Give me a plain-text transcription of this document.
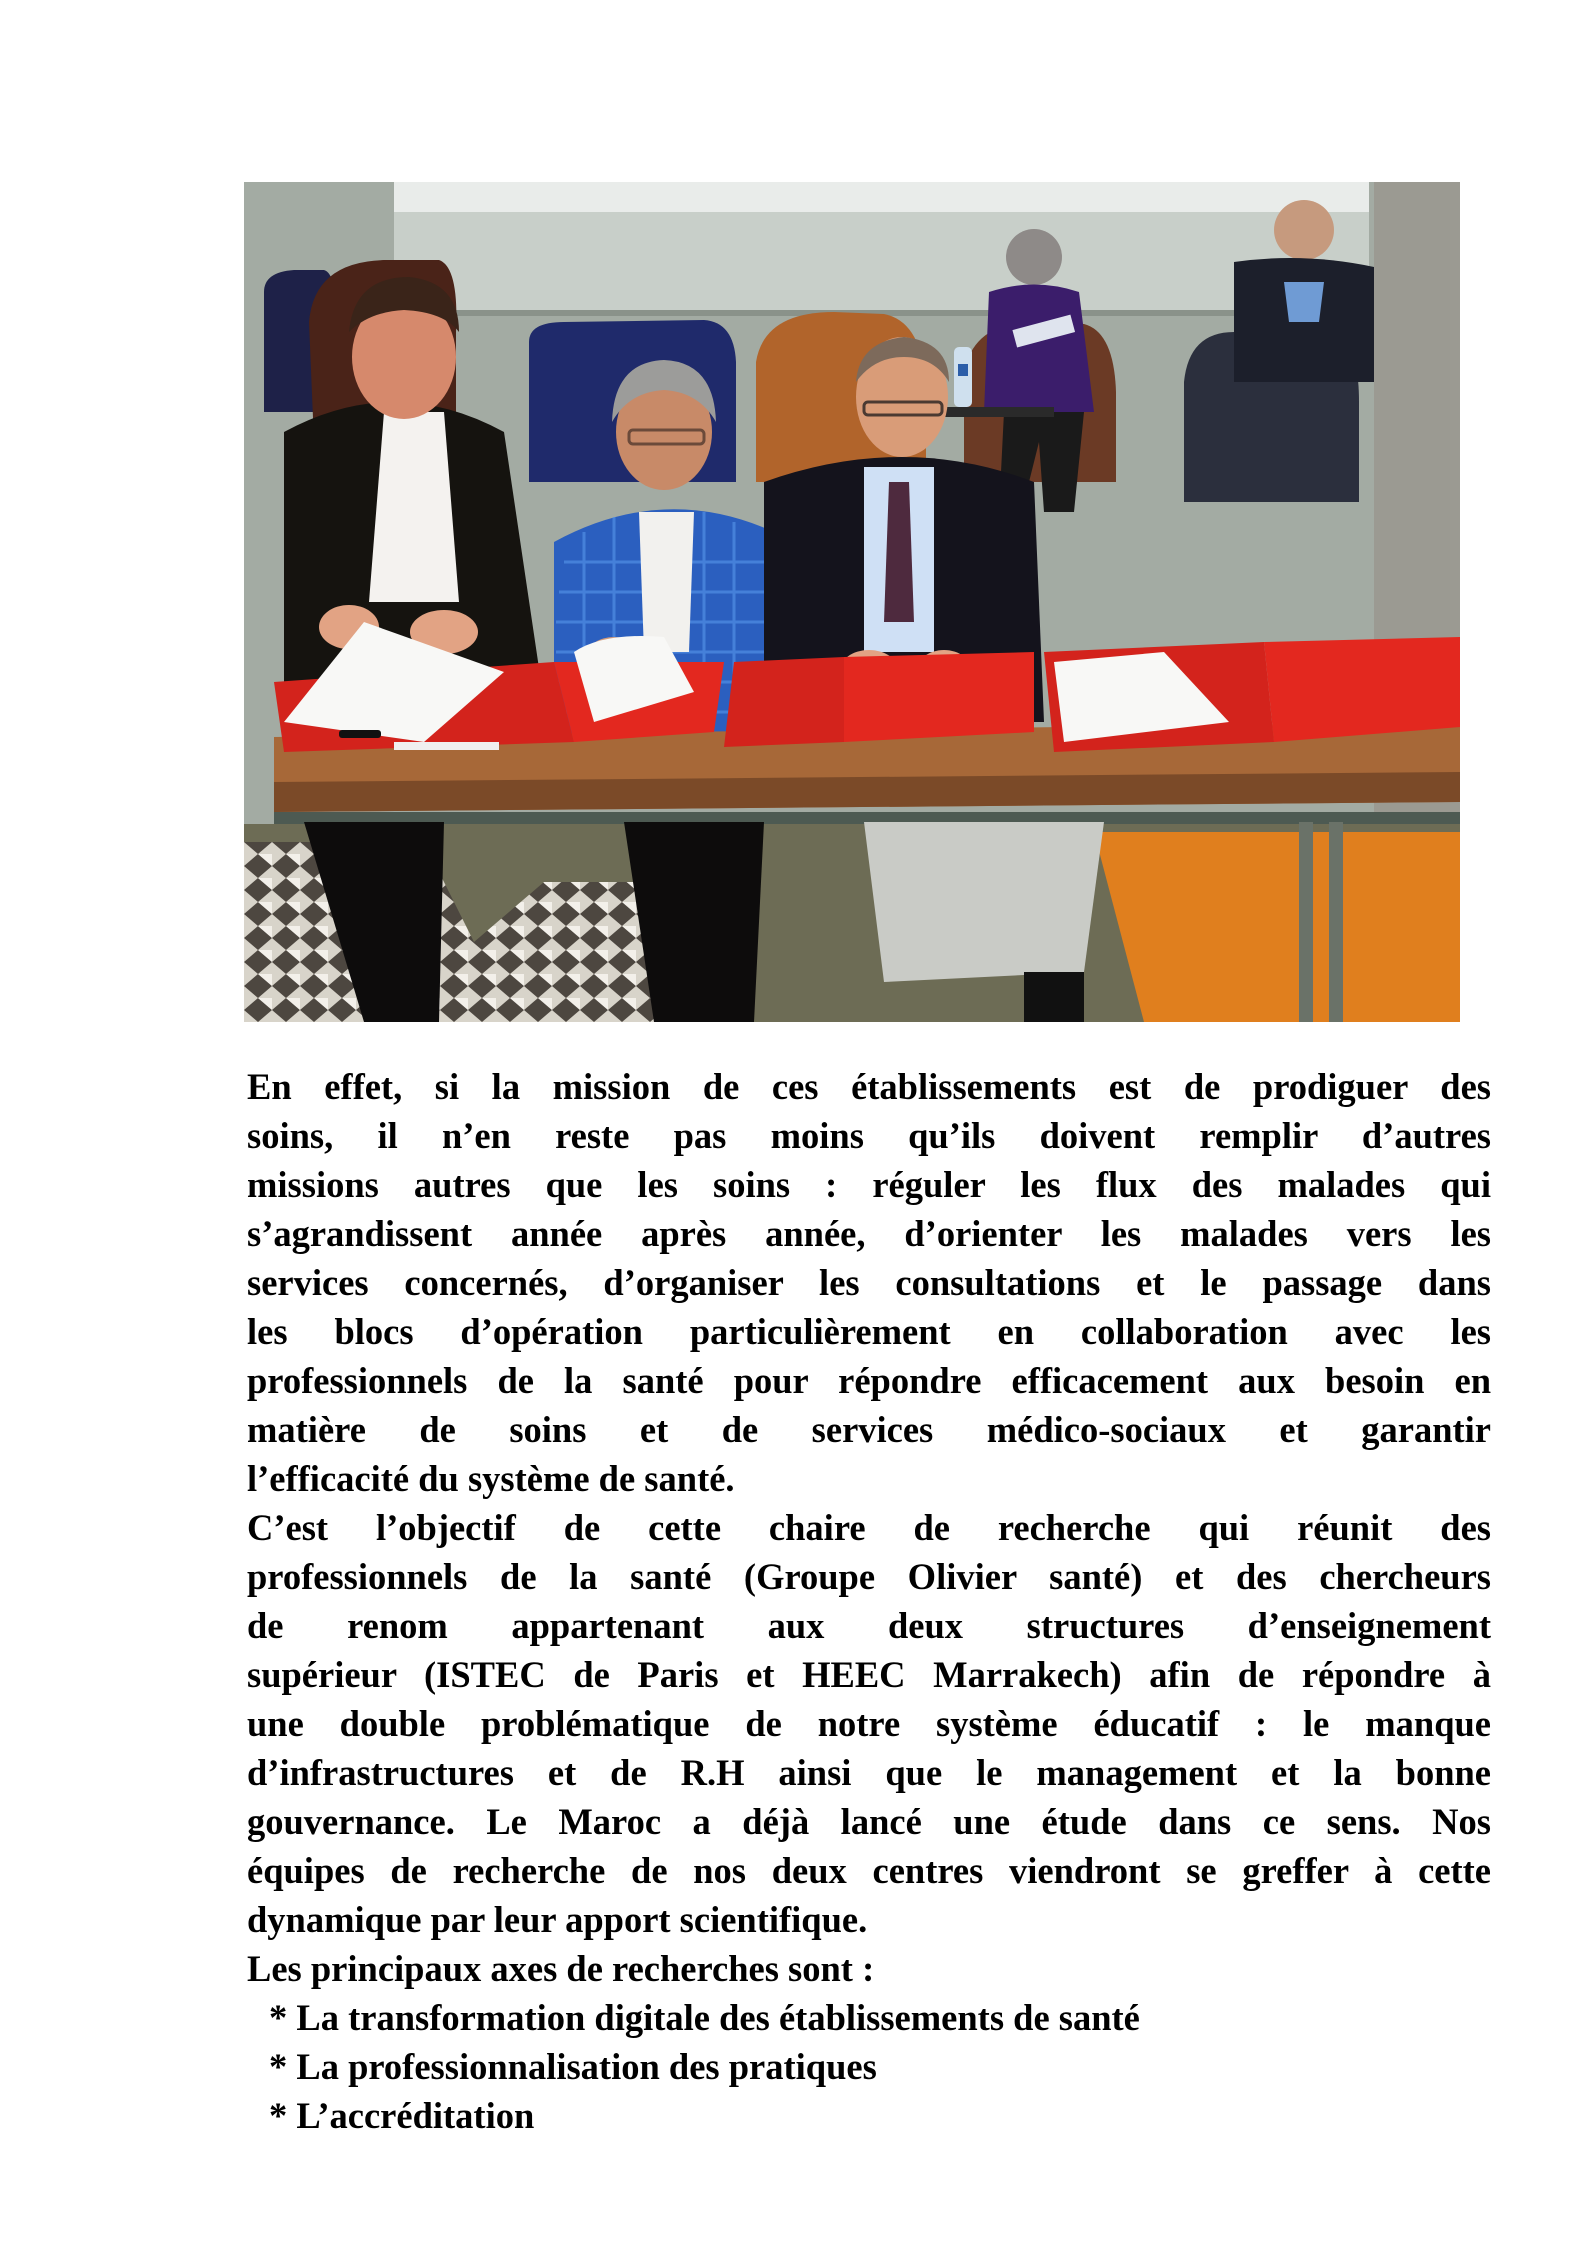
En effet, si la mission de ces établissements est de prodiguer des
soins, il n’en reste pas moins qu’ils doivent remplir d’autres
missions autres que les soins : réguler les flux des malades qui
s’agrandissent année après année, d’orienter les malades vers les
services concernés, d’organiser les consultations et le passage dans
les blocs d’opération particulièrement en collaboration avec les
professionnels de la santé pour répondre efficacement aux besoin en
matière de soins et de services médico-sociaux et garantir
l’efficacité du système de santé.
C’est l’objectif de cette chaire de recherche qui réunit des
professionnels de la santé (Groupe Olivier santé) et des chercheurs
de renom appartenant aux deux structures d’enseignement
supérieur (ISTEC de Paris et HEEC Marrakech) afin de répondre à
une double problématique de notre système éducatif : le manque
d’infrastructures et de R.H ainsi que le management et la bonne
gouvernance. Le Maroc a déjà lancé une étude dans ce sens. Nos
équipes de recherche de nos deux centres viendront se greffer à cette
dynamique par leur apport scientifique.
Les principaux axes de recherches sont :
* La transformation digitale des établissements de santé
* La professionnalisation des pratiques
* L’accréditation
